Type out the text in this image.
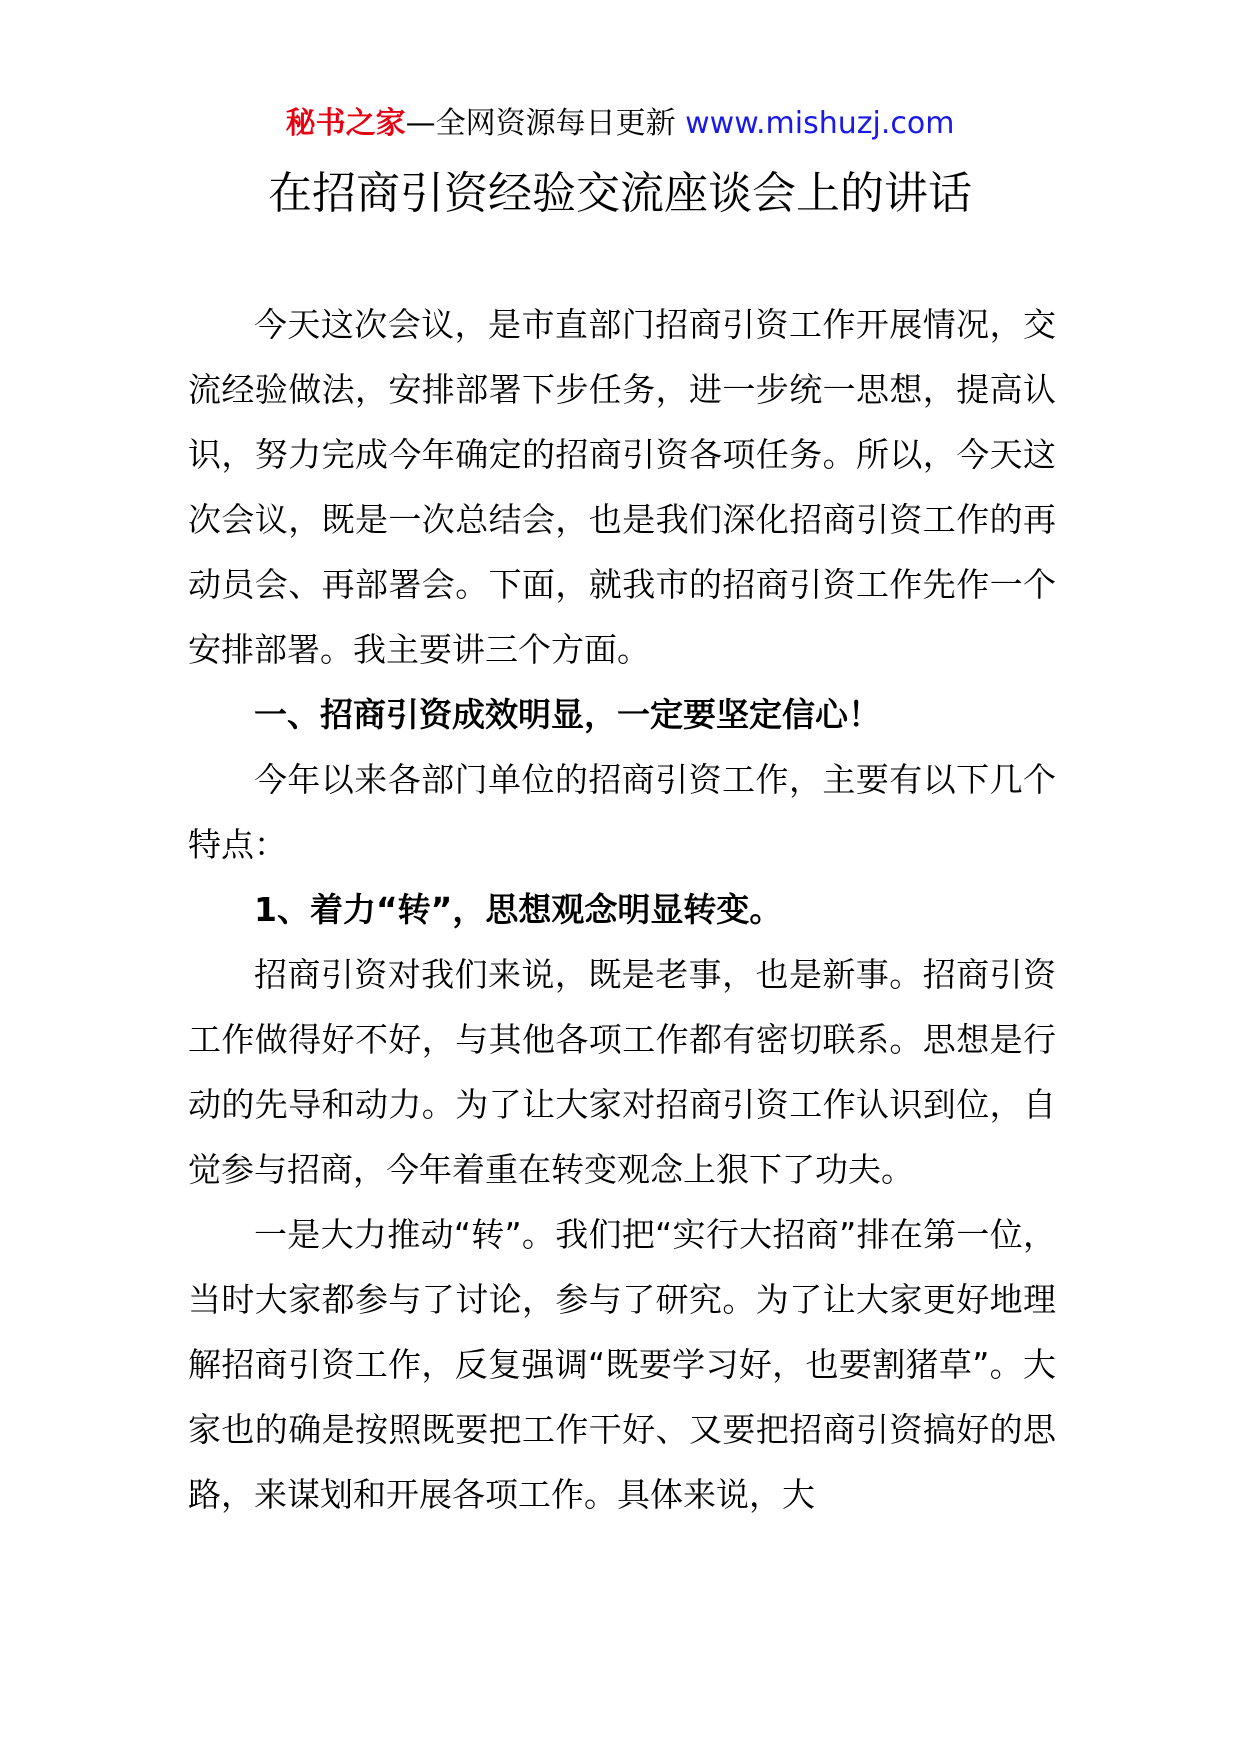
秘书之家—全网资源每日更新 www.mishuzj.com
在招商引资经验交流座谈会上的讲话

今天这次会议，是市直部门招商引资工作开展情况，交流经验做法，安排部署下步任务，进一步统一思想，提高认识，努力完成今年确定的招商引资各项任务。所以，今天这次会议，既是一次总结会，也是我们深化招商引资工作的再动员会、再部署会。下面，就我市的招商引资工作先作一个安排部署。我主要讲三个方面。

一、招商引资成效明显，一定要坚定信心！

今年以来各部门单位的招商引资工作，主要有以下几个特点：

1、着力“转”，思想观念明显转变。

招商引资对我们来说，既是老事，也是新事。招商引资工作做得好不好，与其他各项工作都有密切联系。思想是行动的先导和动力。为了让大家对招商引资工作认识到位，自觉参与招商，今年着重在转变观念上狠下了功夫。

一是大力推动“转”。我们把“实行大招商”排在第一位，当时大家都参与了讨论，参与了研究。为了让大家更好地理解招商引资工作，反复强调“既要学习好，也要割猪草”。大家也的确是按照既要把工作干好、又要把招商引资搞好的思路，来谋划和开展各项工作。具体来说，大
